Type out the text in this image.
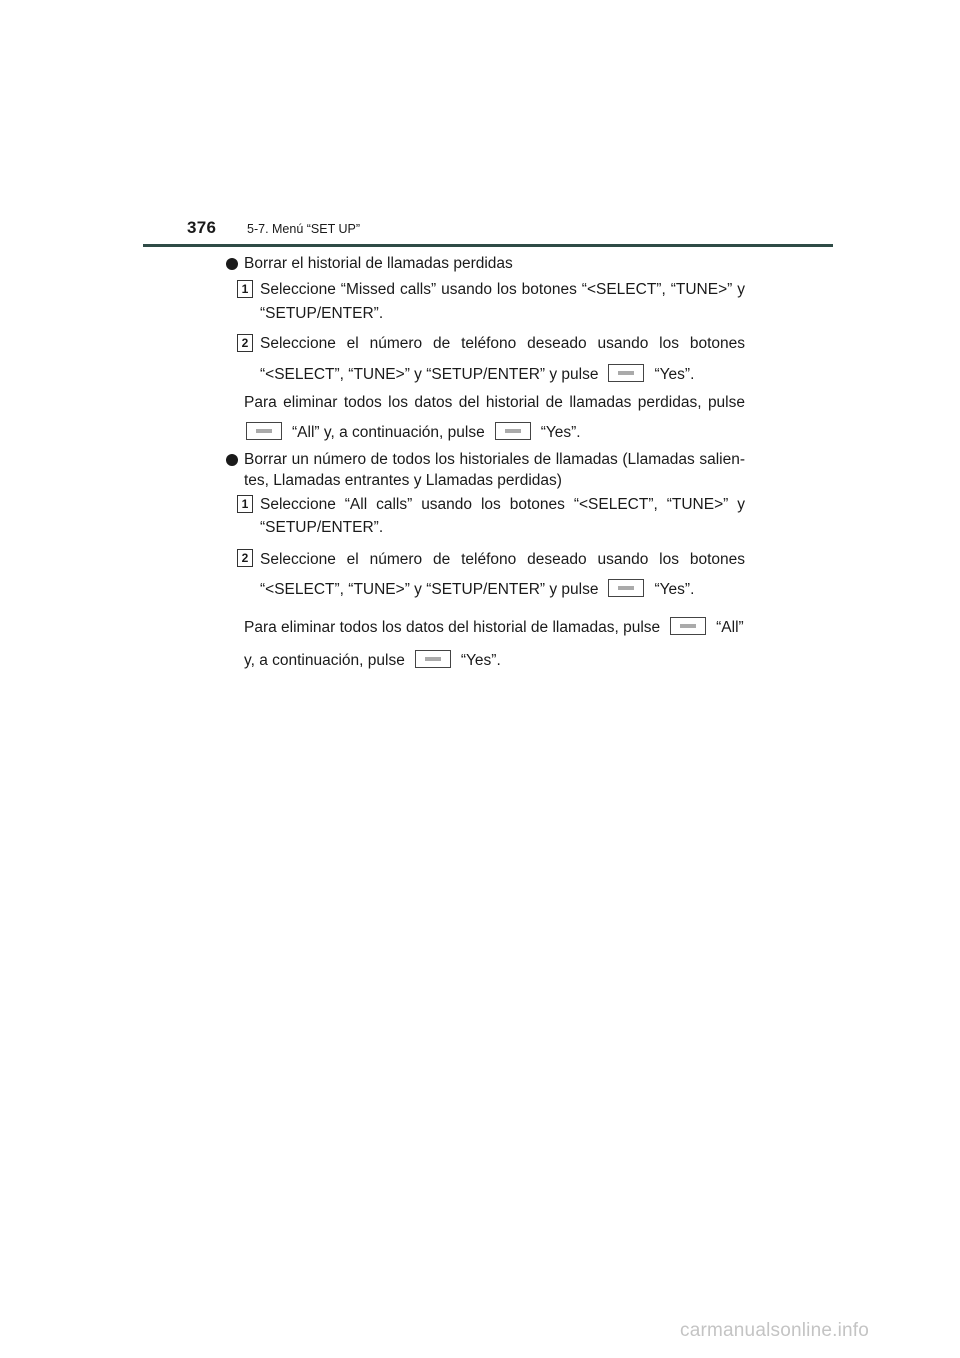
376 5-7. Menú “SET UP”
Borrar el historial de llamadas perdidas
1 Seleccione “Missed calls” usando los botones “<SELECT”, “TUNE>” y
“SETUP/ENTER”.
2 Seleccione el número de teléfono deseado usando los botones
“<SELECT”, “TUNE>” y “SETUP/ENTER” y pulse	“Yes”.
Para eliminar todos los datos del historial de llamadas perdidas, pulse
“All” y, a continuación, pulse	“Yes”.
Borrar un número de todos los historiales de llamadas (Llamadas salien-
tes, Llamadas entrantes y Llamadas perdidas)
1 Seleccione “All calls” usando los botones “<SELECT”, “TUNE>” y
“SETUP/ENTER”.
2 Seleccione el número de teléfono deseado usando los botones
“<SELECT”, “TUNE>” y “SETUP/ENTER” y pulse	“Yes”.
Para eliminar todos los datos del historial de llamadas, pulse	“All”
y, a continuación, pulse	“Yes”.
carmanualsonline.info
